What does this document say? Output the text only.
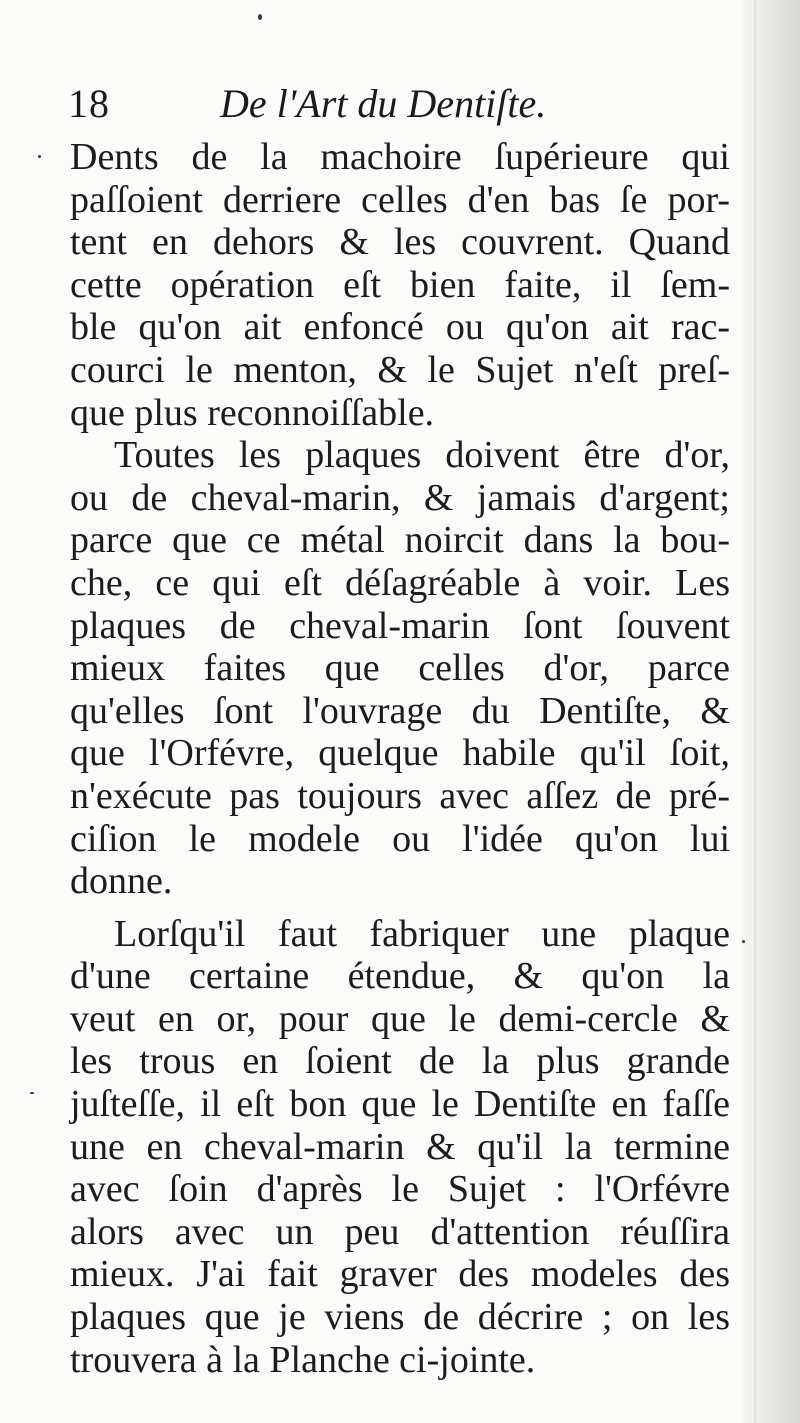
18	De l'Art du Dentiſte.
Dents de la machoire ſupérieure qui
paſſoient derriere celles d'en bas ſe por-
tent en dehors & les couvrent. Quand
cette opération eſt bien faite, il ſem-
ble qu'on ait enfoncé ou qu'on ait rac-
courci le menton, & le Sujet n'eſt preſ-
que plus reconnoiſſable.
Toutes les plaques doivent être d'or,
ou de cheval-marin, & jamais d'argent;
parce que ce métal noircit dans la bou-
che, ce qui eſt déſagréable à voir. Les
plaques de cheval-marin ſont ſouvent
mieux faites que celles d'or, parce
qu'elles ſont l'ouvrage du Dentiſte, &
que l'Orfévre, quelque habile qu'il ſoit,
n'exécute pas toujours avec aſſez de pré-
ciſion le modele ou l'idée qu'on lui
donne.
Lorſqu'il faut fabriquer une plaque
d'une certaine étendue, & qu'on la
veut en or, pour que le demi-cercle &
les trous en ſoient de la plus grande
juſteſſe, il eſt bon que le Dentiſte en faſſe
une en cheval-marin & qu'il la termine
avec ſoin d'après le Sujet : l'Orfévre
alors avec un peu d'attention réuſſira
mieux. J'ai fait graver des modeles des
plaques que je viens de décrire ; on les
trouvera à la Planche ci-jointe.
